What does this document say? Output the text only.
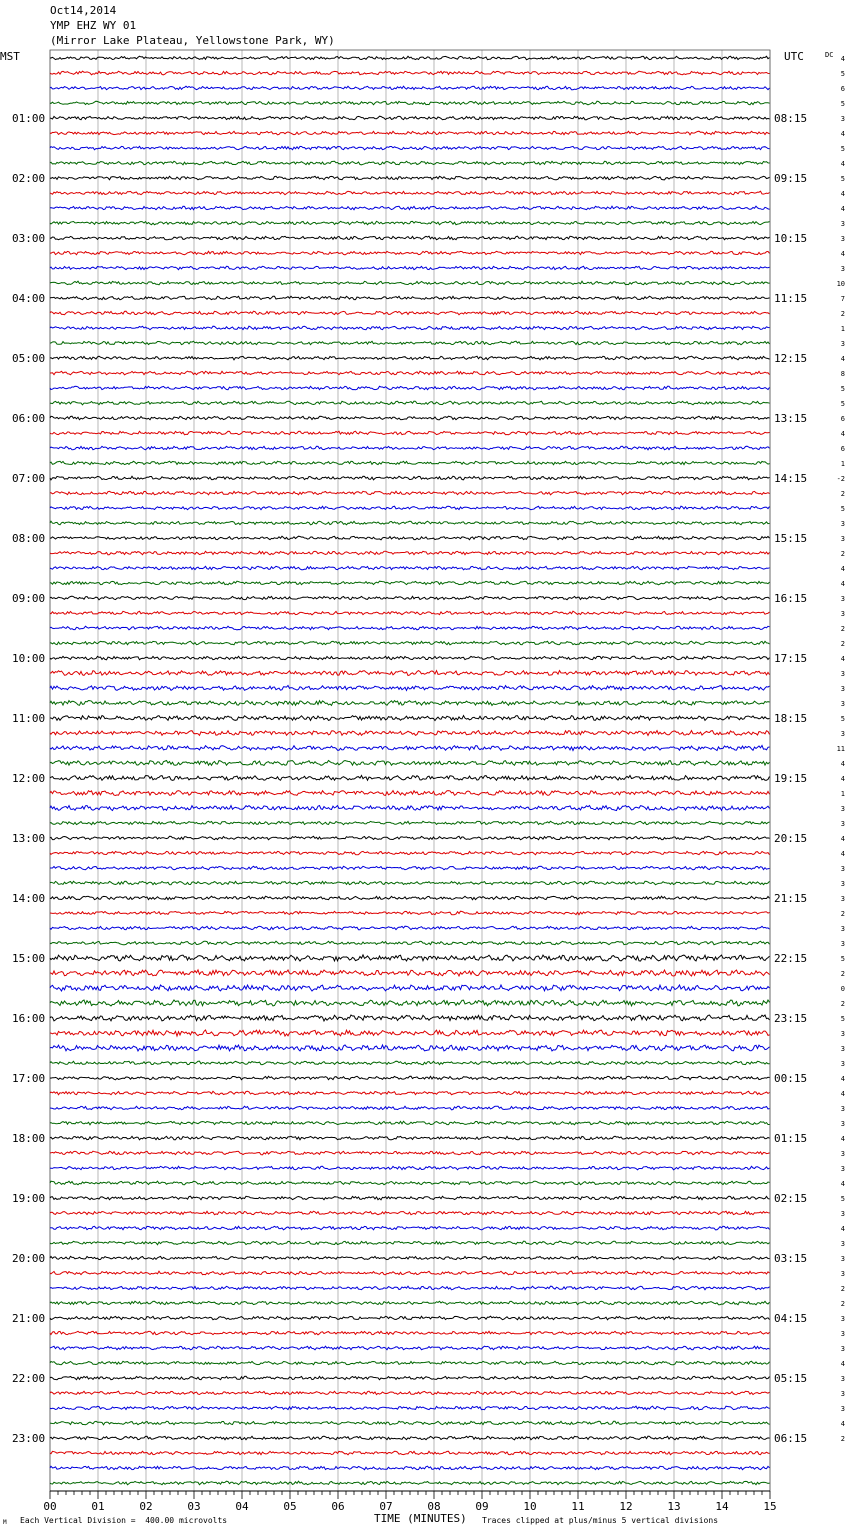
Oct14,2014
YMP EHZ WY 01
(Mirror Lake Plateau, Yellowstone Park, WY)
MST	UTC	DC
01:00
02:00
03:00
04:00
05:00
06:00
07:00
08:00
09:00
10:00
11:00
12:00
13:00
14:00
15:00
16:00
17:00
18:00
19:00
20:00
21:00
22:00
23:00
08:15
09:15
10:15
11:15
12:15
13:15
14:15
15:15
16:15
17:15
18:15
19:15
20:15
21:15
22:15
23:15
00:15
01:15
02:15
03:15
04:15
05:15
06:15
4
5
6
5
3
4
5
4
5
4
4
3
3
4
3
10
7
2
1
3
4
8
5
5
6
4
6
1
-2
2
5
3
3
2
4
4
3
3
2
2
4
3
3
3
5
3
11
4
4
1
3
3
4
4
3
3
3
2
3
3
5
2
0
2
5
3
3
3
4
4
3
3
4
3
3
4
5
3
4
3
3
3
2
2
3
3
3
4
3
3
3
4
2
00	01	02	03	04	05	06	07	08	09	10	11	12	13	14	15
M Each Vertical Division =  400.00 microvolts	TIME (MINUTES) Traces clipped at plus/minus 5 vertical divisions
